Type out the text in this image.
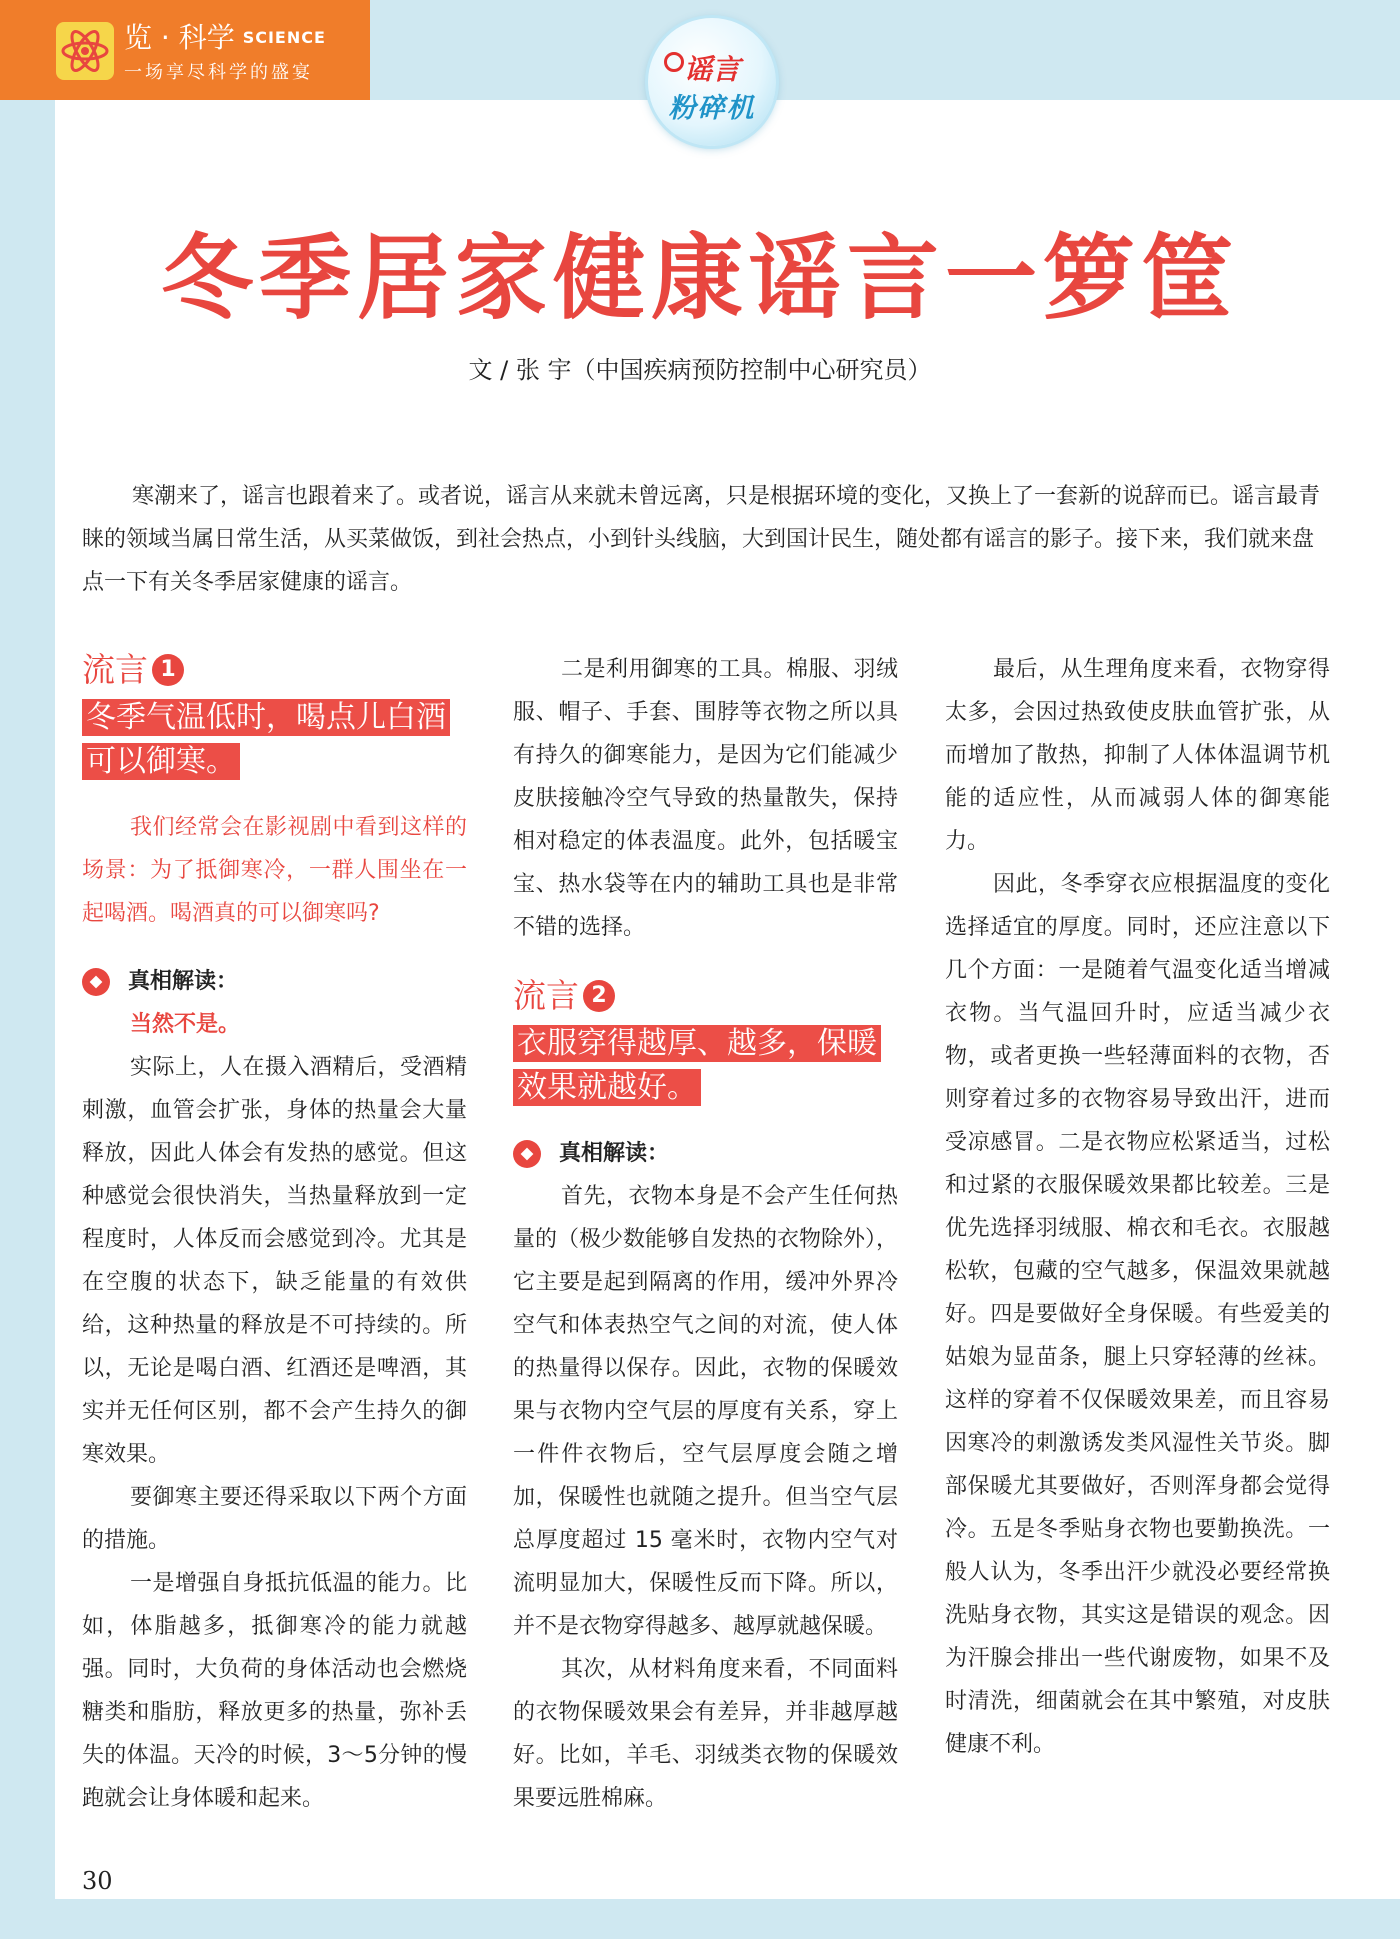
览 · 科学 SCIENCE
一场享尽科学的盛宴	谣言
粉碎机
冬季居家健康谣言一箩筐
文 / 张 宇（中国疾病预防控制中心研究员）

寒潮来了，谣言也跟着来了。或者说，谣言从来就未曾远离，只是根据环境的变化，又换上了一套新的说辞而已。谣言最青睐的领域当属日常生活，从买菜做饭，到社会热点，小到针头线脑，大到国计民生，随处都有谣言的影子。接下来，我们就来盘点一下有关冬季居家健康的谣言。

流言 1
冬季气温低时，喝点儿白酒可以御寒。

我们经常会在影视剧中看到这样的场景：为了抵御寒冷，一群人围坐在一起喝酒。喝酒真的可以御寒吗?

真相解读：

当然不是。

实际上，人在摄入酒精后，受酒精刺激，血管会扩张，身体的热量会大量释放，因此人体会有发热的感觉。但这种感觉会很快消失，当热量释放到一定程度时，人体反而会感觉到冷。尤其是在空腹的状态下，缺乏能量的有效供给，这种热量的释放是不可持续的。所以，无论是喝白酒、红酒还是啤酒，其实并无任何区别，都不会产生持久的御寒效果。

要御寒主要还得采取以下两个方面的措施。

一是增强自身抵抗低温的能力。比如，体脂越多，抵御寒冷的能力就越强。同时，大负荷的身体活动也会燃烧糖类和脂肪，释放更多的热量，弥补丢失的体温。天冷的时候，3～5分钟的慢跑就会让身体暖和起来。

二是利用御寒的工具。棉服、羽绒服、帽子、手套、围脖等衣物之所以具有持久的御寒能力，是因为它们能减少皮肤接触冷空气导致的热量散失，保持相对稳定的体表温度。此外，包括暖宝宝、热水袋等在内的辅助工具也是非常不错的选择。

流言 2
衣服穿得越厚、越多，保暖效果就越好。
真相解读：

首先，衣物本身是不会产生任何热量的（极少数能够自发热的衣物除外），它主要是起到隔离的作用，缓冲外界冷空气和体表热空气之间的对流，使人体的热量得以保存。因此，衣物的保暖效果与衣物内空气层的厚度有关系，穿上一件件衣物后，空气层厚度会随之增加，保暖性也就随之提升。但当空气层总厚度超过 15 毫米时，衣物内空气对流明显加大，保暖性反而下降。所以，并不是衣物穿得越多、越厚就越保暖。

其次，从材料角度来看，不同面料的衣物保暖效果会有差异，并非越厚越好。比如，羊毛、羽绒类衣物的保暖效果要远胜棉麻。

最后，从生理角度来看，衣物穿得太多，会因过热致使皮肤血管扩张，从而增加了散热，抑制了人体体温调节机能的适应性，从而减弱人体的御寒能力。

因此，冬季穿衣应根据温度的变化选择适宜的厚度。同时，还应注意以下几个方面：一是随着气温变化适当增减衣物。当气温回升时，应适当减少衣物，或者更换一些轻薄面料的衣物，否则穿着过多的衣物容易导致出汗，进而受凉感冒。二是衣物应松紧适当，过松和过紧的衣服保暖效果都比较差。三是优先选择羽绒服、棉衣和毛衣。衣服越松软，包藏的空气越多，保温效果就越好。四是要做好全身保暖。有些爱美的姑娘为显苗条，腿上只穿轻薄的丝袜。这样的穿着不仅保暖效果差，而且容易因寒冷的刺激诱发类风湿性关节炎。脚部保暖尤其要做好，否则浑身都会觉得冷。五是冬季贴身衣物也要勤换洗。一般人认为，冬季出汗少就没必要经常换洗贴身衣物，其实这是错误的观念。因为汗腺会排出一些代谢废物，如果不及时清洗，细菌就会在其中繁殖，对皮肤健康不利。

30
